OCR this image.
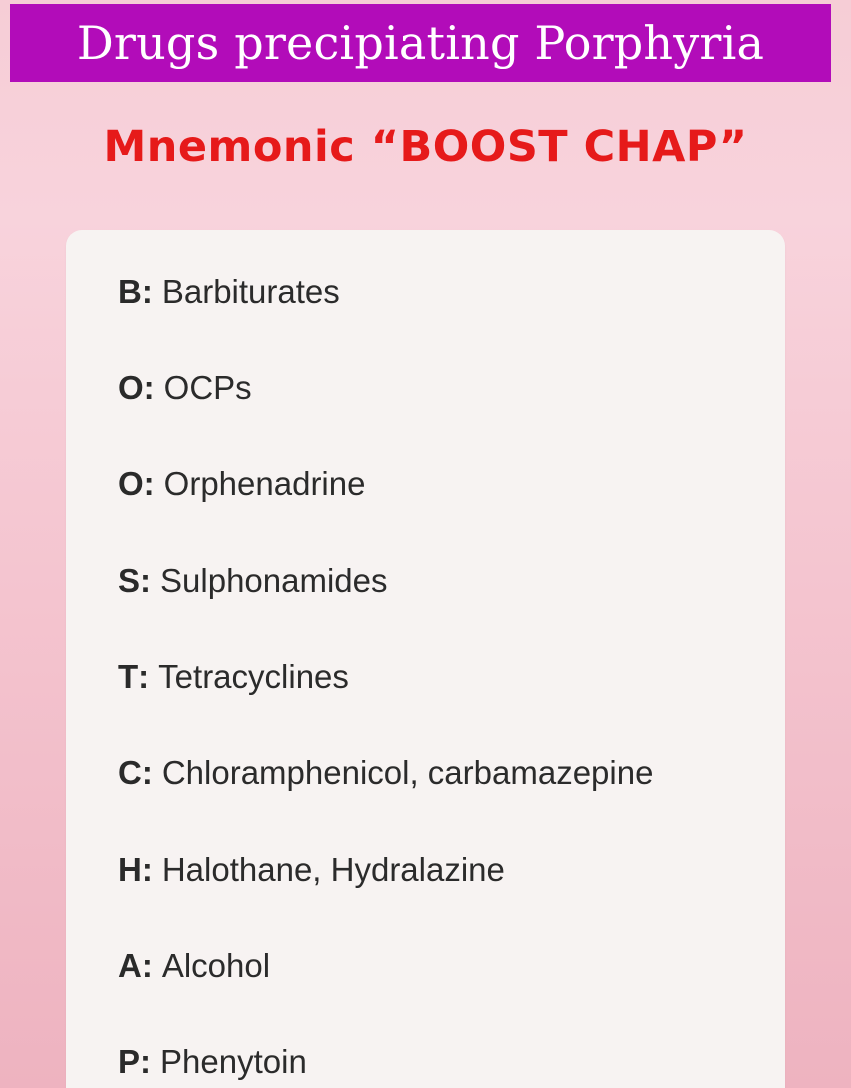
Drugs precipiating Porphyria
Mnemonic “BOOST CHAP”
B : Barbiturates
O : OCPs
O : Orphenadrine
S : Sulphonamides
T : Tetracyclines
C : Chloramphenicol, carbamazepine
H : Halothane, Hydralazine
A : Alcohol
P : Phenytoin
